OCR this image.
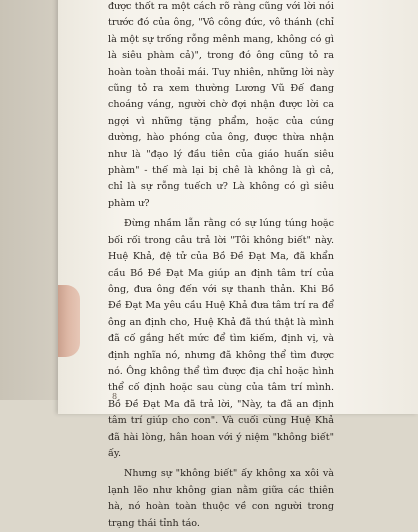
được thốt ra một cách rõ ràng cũng với lời nói trước đó của ông, "Vô công đức, vô thánh (chỉ là một sự trống rỗng mênh mang, không có gì là siêu phàm cả)", trong đó ông cũng tỏ ra hoàn toàn thoải mái. Tuy nhiên, những lời này cũng tỏ ra xem thường Lương Vũ Đế đang choáng váng, người chờ đợi nhận được lời ca ngợi vì những tặng phẩm, hoặc của cúng dường, hào phóng của ông, được thừa nhận như là "đạo lý đầu tiên của giáo huấn siêu phàm" - thế mà lại bị chê là không là gì cả, chỉ là sự rỗng tuếch ư? Là không có gì siêu phàm ư?

Đừng nhầm lẫn rằng có sự lúng túng hoặc bối rối trong câu trả lời "Tôi không biết" này. Huệ Khả, đệ tử của Bồ Đề Đạt Ma, đã khẩn cầu Bồ Đề Đạt Ma giúp an định tâm trí của ông, đưa ông đến với sự thanh thản. Khi Bồ Đề Đạt Ma yêu cầu Huệ Khả đưa tâm trí ra để ông an định cho, Huệ Khả đã thú thật là mình đã cố gắng hết mức để tìm kiếm, định vị, và định nghĩa nó, nhưng đã không thể tìm được nó. Ông không thể tìm được địa chỉ hoặc hình thể cố định hoặc sau cùng của tâm trí mình. Bồ Đề Đạt Ma đã trả lời, "Này, ta đã an định tâm trí giúp cho con". Và cuối cùng Huệ Khả đã hài lòng, hân hoan với ý niệm "không biết" ấy.

Nhưng sự "không biết" ấy không xa xôi và lạnh lẽo như không gian nằm giữa các thiên hà, nó hoàn toàn thuộc về con người trong trạng thái tỉnh táo.

8
